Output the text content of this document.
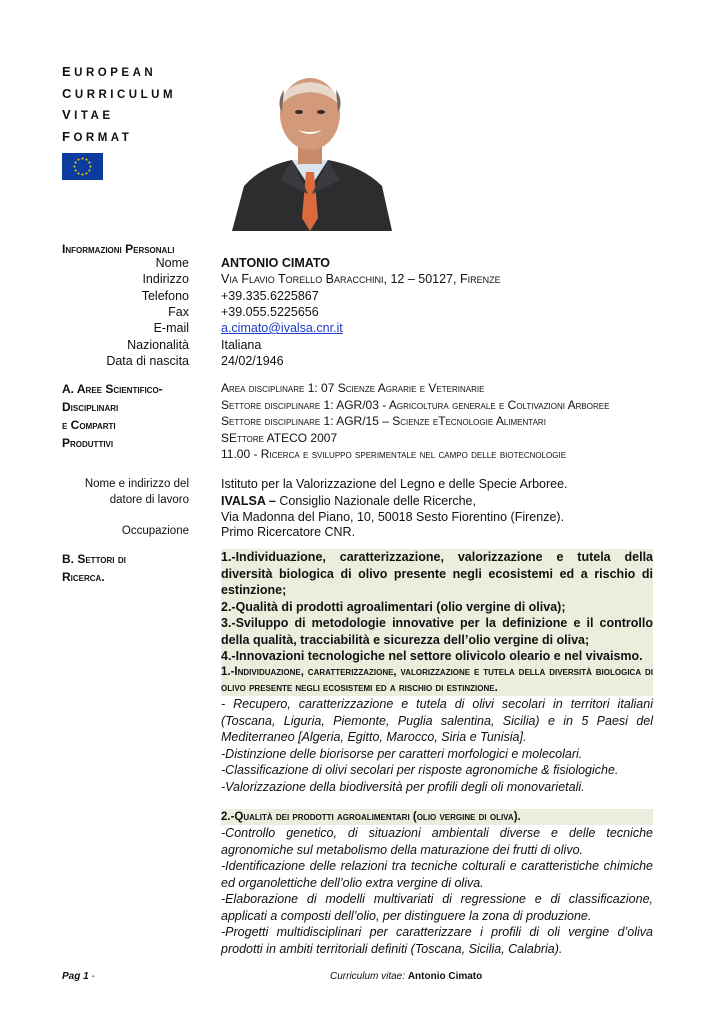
EUROPEAN
CURRICULUM
VITAE
FORMAT
Informazioni Personali
Nome	ANTONIO CIMATO
Indirizzo	Via Flavio Torello Baracchini, 12 – 50127, Firenze
Telefono	+39.335.6225867
Fax	+39.055.5225656
E-mail	a.cimato@ivalsa.cnr.it
Nazionalità	Italiana
Data di nascita	24/02/1946
A. Aree Scientifico-
Disciplinari
e Comparti
Produttivi
Area disciplinare 1: 07 Scienze Agrarie e Veterinarie
Settore disciplinare 1: AGR/03 - Agricoltura generale e Coltivazioni Arboree
Settore disciplinare 1: AGR/15 – Scienze eTecnologie Alimentari
SEttore ATECO 2007
11.00 - Ricerca e sviluppo sperimentale nel campo delle biotecnologie
Nome e indirizzo del
datore di lavoro
Istituto per la Valorizzazione del Legno e delle Specie Arboree.
IVALSA – Consiglio Nazionale delle Ricerche,
Via Madonna del Piano, 10, 50018 Sesto Fiorentino (Firenze).
Occupazione	Primo Ricercatore CNR.
B. Settori di
Ricerca.
1.-Individuazione, caratterizzazione, valorizzazione e tutela della diversità biologica di olivo presente negli ecosistemi ed a rischio di estinzione;
2.-Qualità di prodotti agroalimentari (olio vergine di oliva);
3.-Sviluppo di metodologie innovative per la definizione e il controllo della qualità, tracciabilità e sicurezza dell’olio vergine di oliva;
4.-Innovazioni tecnologiche nel settore olivicolo oleario e nel vivaismo.
1.-Individuazione, caratterizzazione, valorizzazione e tutela della diversità biologica di olivo presente negli ecosistemi ed a rischio di estinzione.
- Recupero, caratterizzazione e tutela di olivi secolari in territori italiani (Toscana, Liguria, Piemonte, Puglia salentina, Sicilia) e in 5 Paesi del Mediterraneo [Algeria, Egitto, Marocco, Siria e Tunisia].
-Distinzione delle biorisorse per caratteri morfologici e molecolari.
-Classificazione di olivi secolari per risposte agronomiche & fisiologiche.
-Valorizzazione della biodiversità per profili degli oli monovarietali.
2.-Qualità dei prodotti agroalimentari (olio vergine di oliva).
-Controllo genetico, di situazioni ambientali diverse e delle tecniche agronomiche sul metabolismo della maturazione dei frutti di olivo.
-Identificazione delle relazioni tra tecniche colturali e caratteristiche chimiche ed organolettiche dell’olio extra vergine di oliva.
-Elaborazione di modelli multivariati di regressione e di classificazione, applicati a composti dell’olio, per distinguere la zona di produzione.
-Progetti multidisciplinari per caratterizzare i profili di oli vergine d’oliva prodotti in ambiti territoriali definiti (Toscana, Sicilia, Calabria).
Pag 1 -	Curriculum vitae: Antonio Cimato
